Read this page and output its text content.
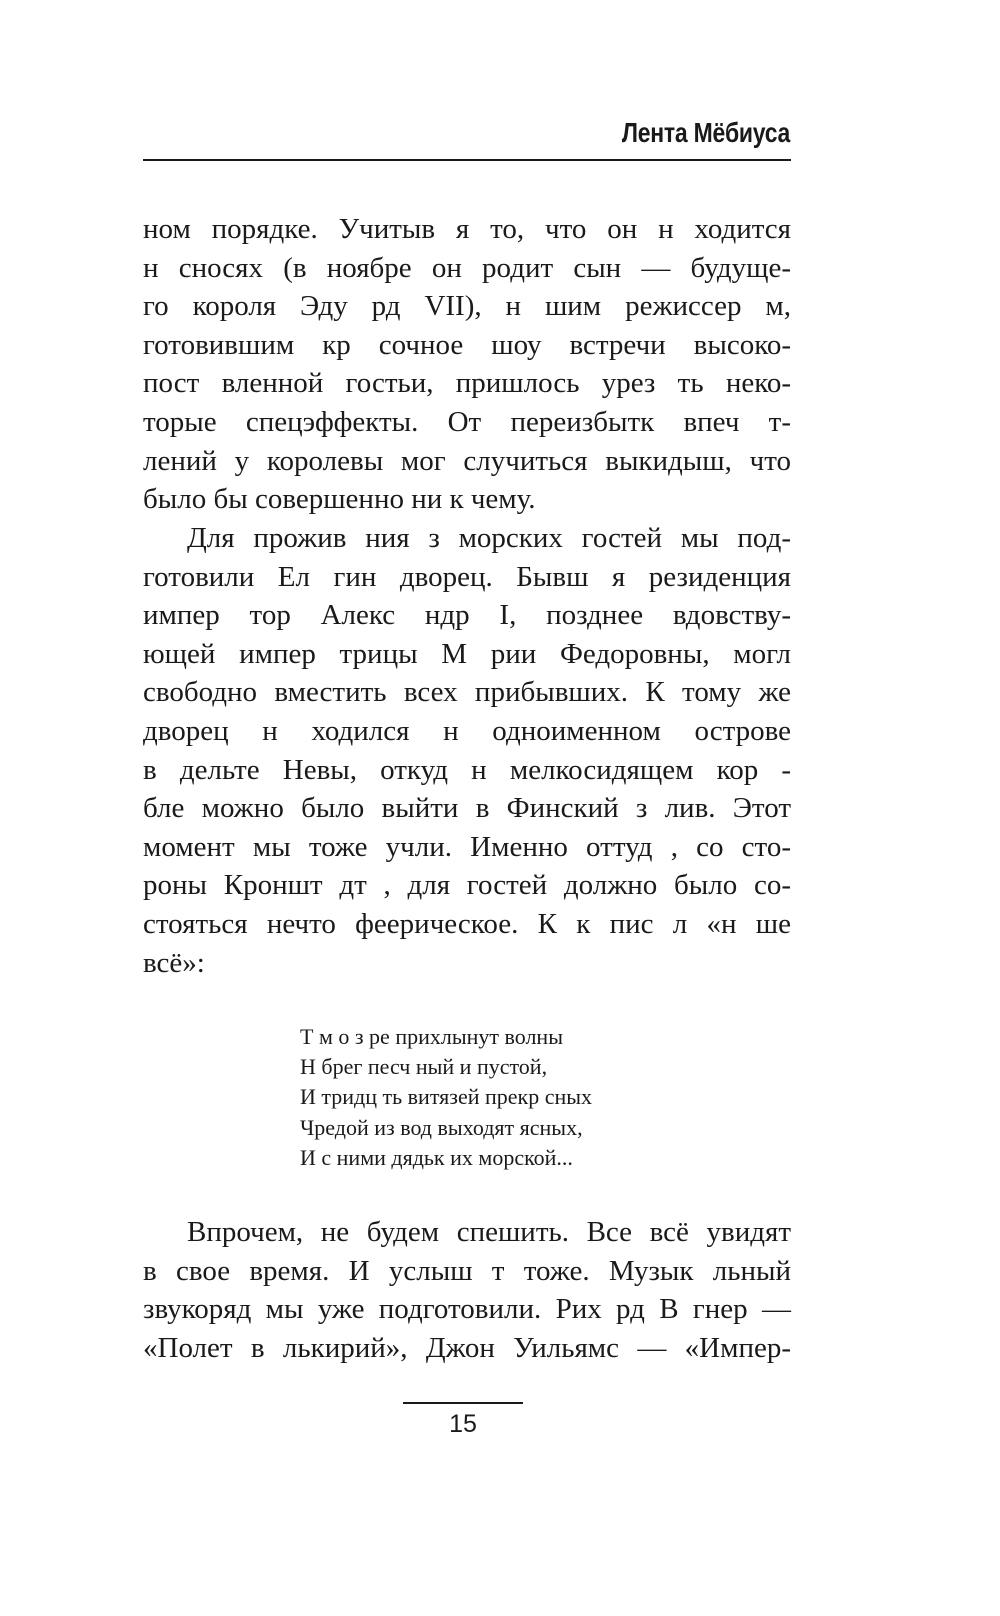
Лента Мёбиуса
ном порядке. Учитыв я то, что он н ходится
н сносях (в ноябре он родит сын — будуще-
го короля Эду рд VII), н шим режиссер м,
готовившим кр сочное шоу встречи высоко-
пост вленной гостьи, пришлось урез ть неко-
торые спецэффекты. От переизбытк впеч т-
лений у королевы мог случиться выкидыш, что
было бы совершенно ни к чему.
Для прожив ния з морских гостей мы под-
готовили Ел гин дворец. Бывш я резиденция
импер тор Алекс ндр I, позднее вдовству-
ющей импер трицы М рии Федоровны, могл
свободно вместить всех прибывших. К тому же
дворец н ходился н одноименном острове
в дельте Невы, откуд н мелкосидящем кор -
бле можно было выйти в Финский з лив. Этот
момент мы тоже учли. Именно оттуд , со сто-
роны Кроншт дт , для гостей должно было со-
стояться нечто феерическое. К к пис л «н ше
всё»:
Т м о з ре прихлынут волны
Н брег песч ный и пустой,
И тридц ть витязей прекр сных
Чредой из вод выходят ясных,
И с ними дядьк их морской...
Впрочем, не будем спешить. Все всё увидят
в свое время. И услыш т тоже. Музык льный
звукоряд мы уже подготовили. Рих рд В гнер —
«Полет в лькирий», Джон Уильямс — «Импер-
15
